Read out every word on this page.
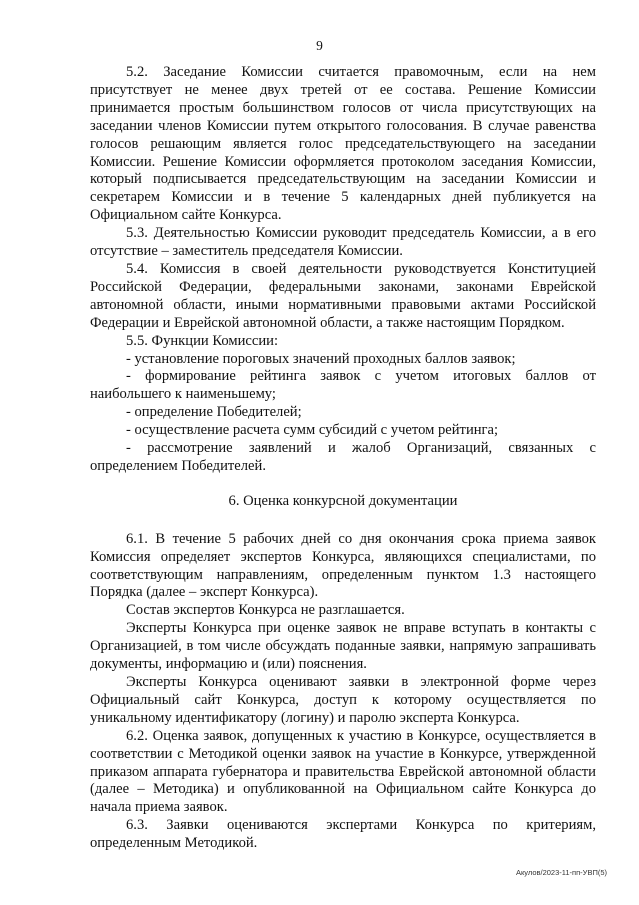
9

5.2. Заседание Комиссии считается правомочным, если на нем присутствует не менее двух третей от ее состава. Решение Комиссии принимается простым большинством голосов от числа присутствующих на заседании членов Комиссии путем открытого голосования. В случае равенства голосов решающим является голос председательствующего на заседании Комиссии. Решение Комиссии оформляется протоколом заседания Комиссии, который подписывается председательствующим на заседании Комиссии и секретарем Комиссии и в течение 5 календарных дней публикуется на Официальном сайте Конкурса.

5.3. Деятельностью Комиссии руководит председатель Комиссии, а в его отсутствие – заместитель председателя Комиссии.

5.4. Комиссия в своей деятельности руководствуется Конституцией Российской Федерации, федеральными законами, законами Еврейской автономной области, иными нормативными правовыми актами Российской Федерации и Еврейской автономной области, а также настоящим Порядком.

5.5. Функции Комиссии:

- установление пороговых значений проходных баллов заявок;

- формирование рейтинга заявок с учетом итоговых баллов от наибольшего к наименьшему;

- определение Победителей;

- осуществление расчета сумм субсидий с учетом рейтинга;

- рассмотрение заявлений и жалоб Организаций, связанных с определением Победителей.

6. Оценка конкурсной документации

6.1. В течение 5 рабочих дней со дня окончания срока приема заявок Комиссия определяет экспертов Конкурса, являющихся специалистами, по соответствующим направлениям, определенным пунктом 1.3 настоящего Порядка (далее – эксперт Конкурса).

Состав экспертов Конкурса не разглашается.

Эксперты Конкурса при оценке заявок не вправе вступать в контакты с Организацией, в том числе обсуждать поданные заявки, напрямую запрашивать документы, информацию и (или) пояснения.

Эксперты Конкурса оценивают заявки в электронной форме через Официальный сайт Конкурса, доступ к которому осуществляется по уникальному идентификатору (логину) и паролю эксперта Конкурса.

6.2. Оценка заявок, допущенных к участию в Конкурсе, осуществляется в соответствии с Методикой оценки заявок на участие в Конкурсе, утвержденной приказом аппарата губернатора и правительства Еврейской автономной области (далее – Методика) и опубликованной на Официальном сайте Конкурса до начала приема заявок.

6.3. Заявки оцениваются экспертами Конкурса по критериям, определенным Методикой.

Акулов/2023-11-пп-УВП(5)
